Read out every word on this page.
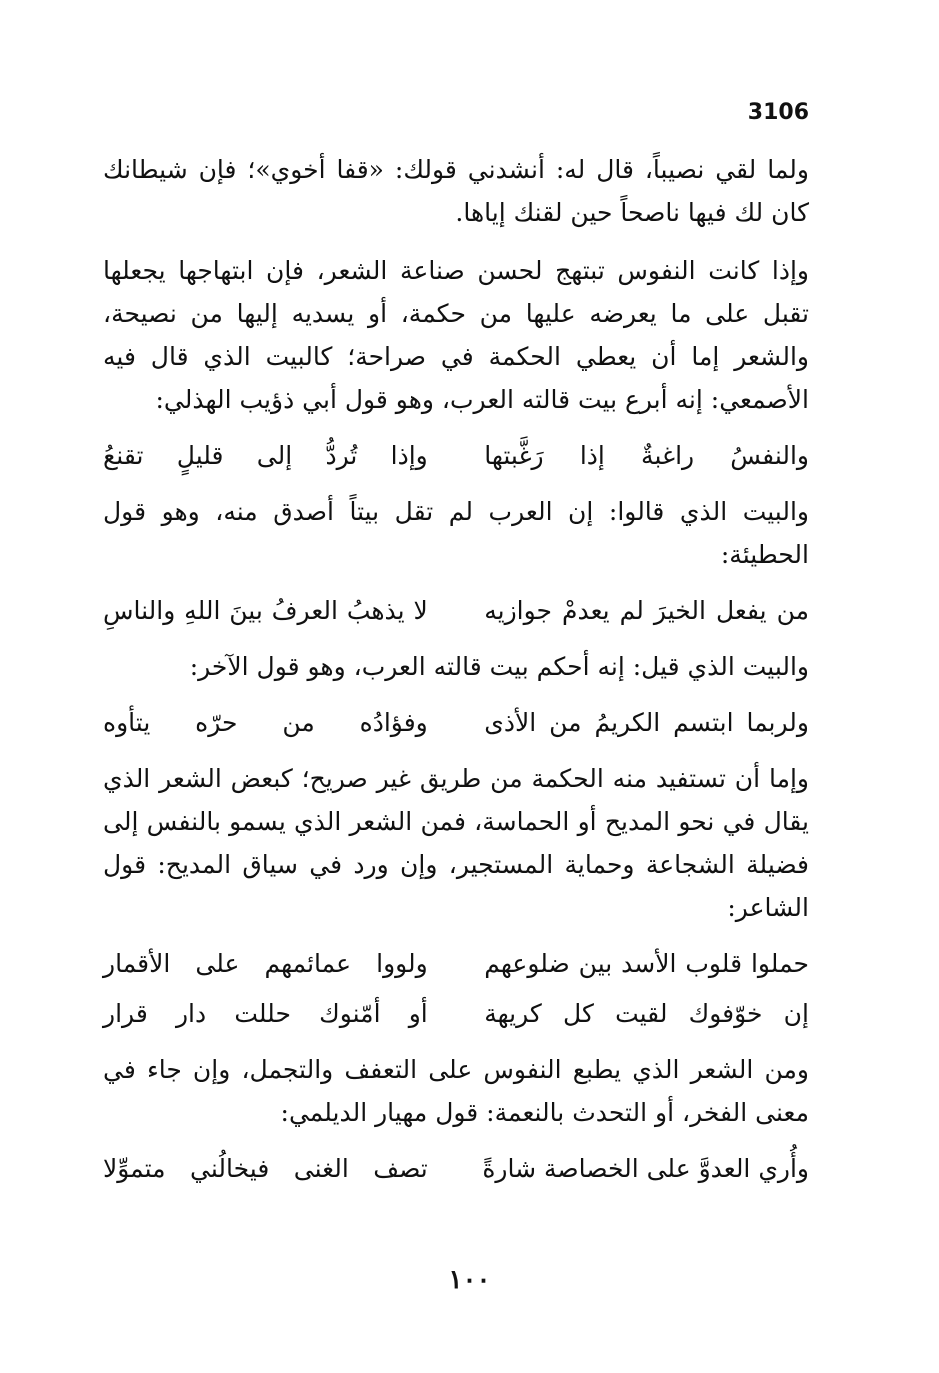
3106

ولما لقي نصيباً، قال له: أنشدني قولك: «قفا أخوي»؛ فإن شيطانك كان لك فيها ناصحاً حين لقنك إياها.

وإذا كانت النفوس تبتهج لحسن صناعة الشعر، فإن ابتهاجها يجعلها تقبل على ما يعرضه عليها من حكمة، أو يسديه إليها من نصيحة، والشعر إما أن يعطي الحكمة في صراحة؛ كالبيت الذي قال فيه الأصمعي: إنه أبرع بيت قالته العرب، وهو قول أبي ذؤيب الهذلي:

والنفسُ راغبةٌ إذا رَغَّبتها
وإذا تُردُّ إلى قليلٍ تقنعُ

والبيت الذي قالوا: إن العرب لم تقل بيتاً أصدق منه، وهو قول الحطيئة:

من يفعل الخيرَ لم يعدمْ جوازيه
لا يذهبُ العرفُ بينَ اللهِ والناسِ

والبيت الذي قيل: إنه أحكم بيت قالته العرب، وهو قول الآخر:

ولربما ابتسم الكريمُ من الأذى
وفؤادُه من حرّه يتأوه

وإما أن تستفيد منه الحكمة من طريق غير صريح؛ كبعض الشعر الذي يقال في نحو المديح أو الحماسة، فمن الشعر الذي يسمو بالنفس إلى فضيلة الشجاعة وحماية المستجير، وإن ورد في سياق المديح: قول الشاعر:

حملوا قلوب الأسد بين ضلوعهم
ولووا عمائمهم على الأقمار
إن خوّفوك لقيت كل كريهة
أو أمّنوك حللت دار قرار

ومن الشعر الذي يطبع النفوس على التعفف والتجمل، وإن جاء في معنى الفخر، أو التحدث بالنعمة: قول مهيار الديلمي:

وأُري العدوَّ على الخصاصة شارةً
تصف الغنى فيخالُني متموِّلا
١٠٠
